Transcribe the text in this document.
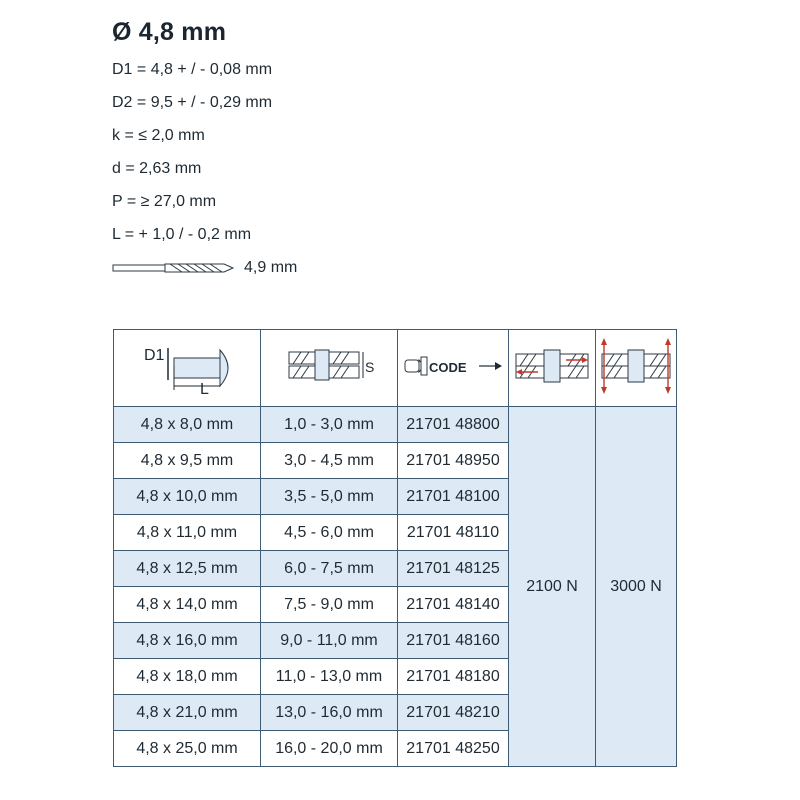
Ø 4,8 mm
D1 = 4,8 + / - 0,08 mm
D2 = 9,5 + / - 0,29 mm
k = ≤ 2,0 mm
d = 2,63 mm
P = ≥ 27,0 mm
L = + 1,0 / - 0,2 mm
4,9 mm
D1
L	S	CODE

4,8 x 8,0 mm	1,0 - 3,0 mm	21701 48800	2100 N	3000 N
4,8 x 9,5 mm	3,0 - 4,5 mm	21701 48950		
4,8 x 10,0 mm	3,5 - 5,0 mm	21701 48100		
4,8 x 11,0 mm	4,5 - 6,0 mm	21701 48110		
4,8 x 12,5 mm	6,0 - 7,5 mm	21701 48125		
4,8 x 14,0 mm	7,5 - 9,0 mm	21701 48140		
4,8 x 16,0 mm	9,0 - 11,0 mm	21701 48160		
4,8 x 18,0 mm	11,0 - 13,0 mm	21701 48180		
4,8 x 21,0 mm	13,0 - 16,0 mm	21701 48210		
4,8 x 25,0 mm	16,0 - 20,0 mm	21701 48250		
